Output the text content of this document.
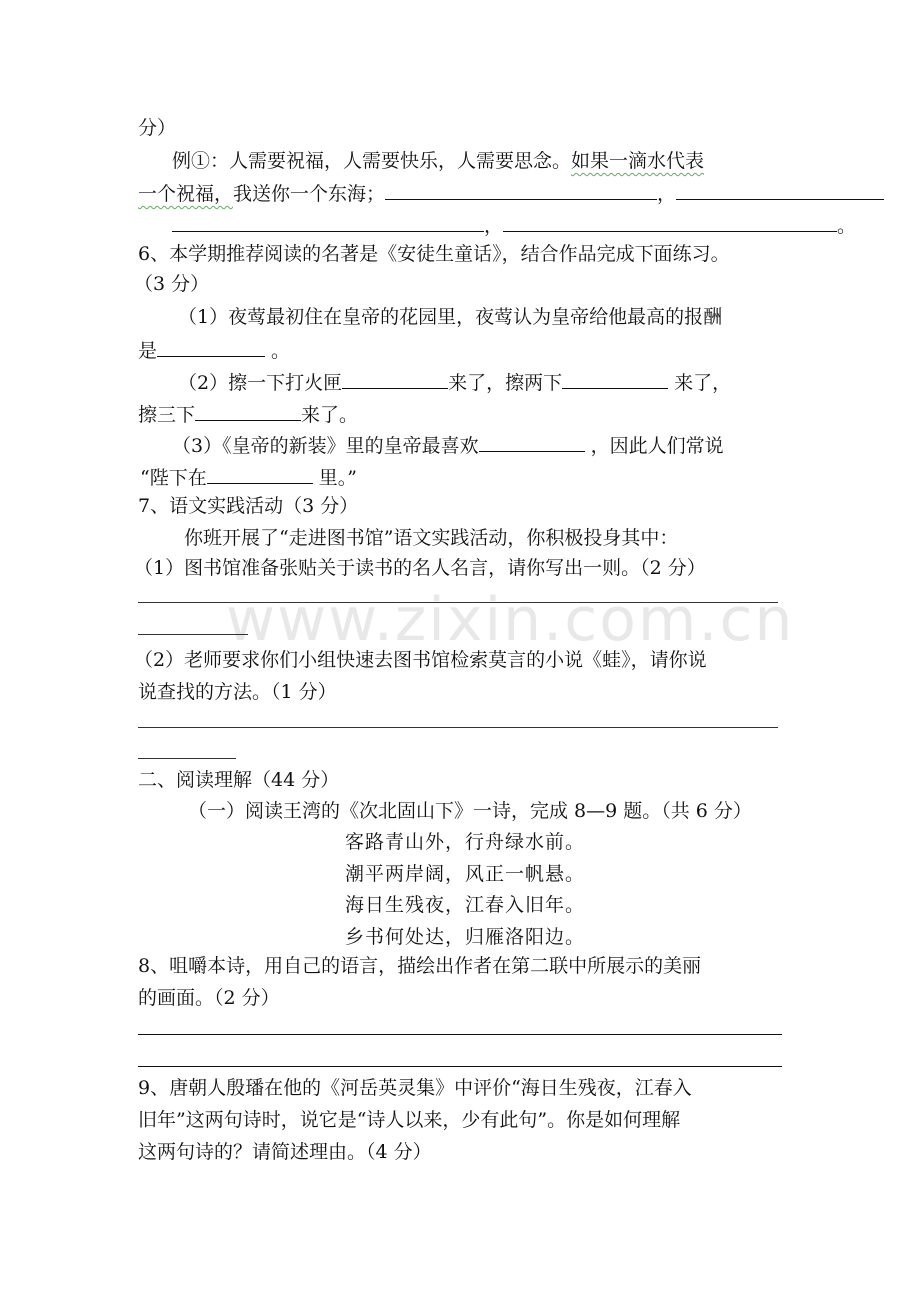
www.zixin.com.cn
分）
例①：人需要祝福，人需要快乐，人需要思念。如果一滴水代表
一个祝福，我送你一个东海；	，
，	。
6、本学期推荐阅读的名著是《安徒生童话》，结合作品完成下面练习。
（3 分）
（1）夜莺最初住在皇帝的花园里，夜莺认为皇帝给他最高的报酬
是	。
（2）擦一下打火匣	来了，擦两下	来了，
擦三下	来了。
（3）《皇帝的新装》里的皇帝最喜欢	，因此人们常说
“陛下在	里。”
7、语文实践活动（3 分）
你班开展了“走进图书馆”语文实践活动，你积极投身其中：
（1）图书馆准备张贴关于读书的名人名言，请你写出一则。（2 分）
（2）老师要求你们小组快速去图书馆检索莫言的小说《蛙》，请你说
说查找的方法。（1 分）
二、阅读理解（44 分）
（一）阅读王湾的《次北固山下》一诗，完成 8—9 题。（共 6 分）
客路青山外，行舟绿水前。
潮平两岸阔，风正一帆悬。
海日生残夜，江春入旧年。
乡书何处达，归雁洛阳边。
8、咀嚼本诗，用自己的语言，描绘出作者在第二联中所展示的美丽
的画面。（2 分）
9、唐朝人殷璠在他的《河岳英灵集》中评价“海日生残夜，江春入
旧年”这两句诗时，说它是“诗人以来，少有此句”。你是如何理解
这两句诗的？请简述理由。（4 分）
